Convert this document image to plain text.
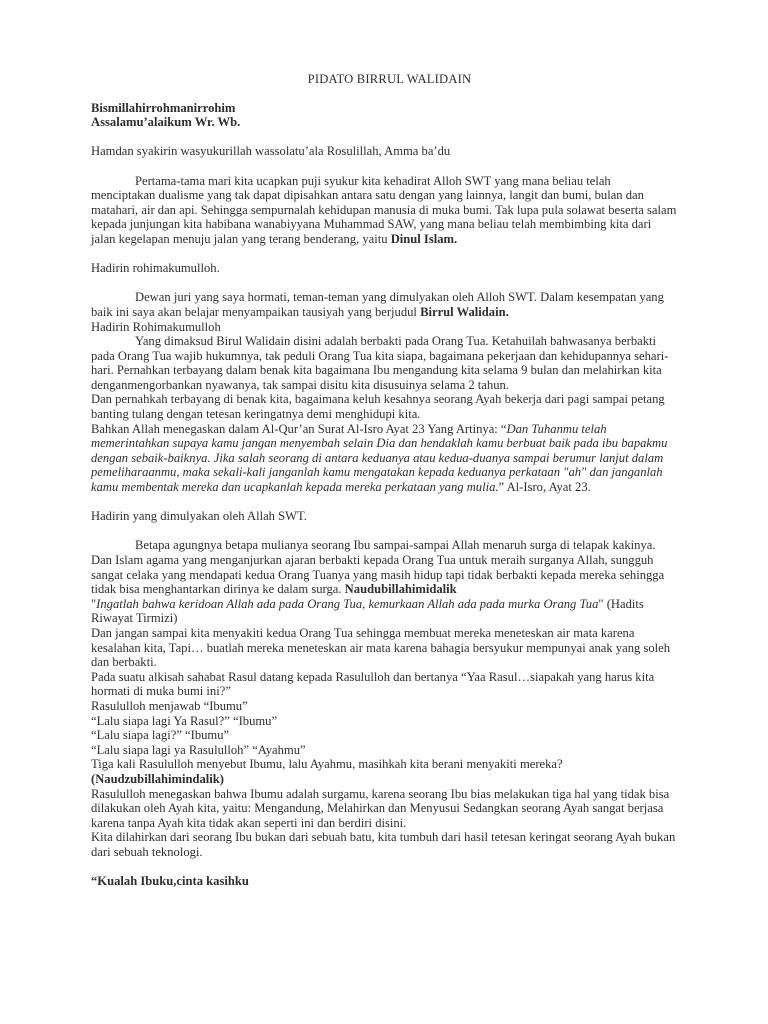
PIDATO BIRRUL WALIDAIN

Bismillahirrohmanirrohim

Assalamu’alaikum Wr. Wb.

Hamdan syakirin wasyukurillah wassolatu’ala Rosulillah, Amma ba’du

Pertama-tama mari kita ucapkan puji syukur kita kehadirat Alloh SWT yang mana beliau telah menciptakan dualisme yang tak dapat dipisahkan antara satu dengan yang lainnya, langit dan bumi, bulan dan matahari, air dan api. Sehingga sempurnalah kehidupan manusia di muka bumi. Tak lupa pula solawat beserta salam kepada junjungan kita habibana wanabiyyana Muhammad SAW, yang mana beliau telah membimbing kita dari jalan kegelapan menuju jalan yang terang benderang, yaitu Dinul Islam.

Hadirin rohimakumulloh.

Dewan juri yang saya hormati, teman-teman yang dimulyakan oleh Alloh SWT. Dalam kesempatan yang baik ini saya akan belajar menyampaikan tausiyah yang berjudul Birrul Walidain.

Hadirin Rohimakumulloh

Yang dimaksud Birul Walidain disini adalah berbakti pada Orang Tua. Ketahuilah bahwasanya berbakti pada Orang Tua wajib hukumnya, tak peduli Orang Tua kita siapa, bagaimana pekerjaan dan kehidupannya sehari-hari. Pernahkan terbayang dalam benak kita bagaimana Ibu mengandung kita selama 9 bulan dan melahirkan kita denganmengorbankan nyawanya, tak sampai disitu kita disusuinya selama 2 tahun.

Dan pernahkah terbayang di benak kita, bagaimana keluh kesahnya seorang Ayah bekerja dari pagi sampai petang banting tulang dengan tetesan keringatnya demi menghidupi kita.

Bahkan Allah menegaskan dalam Al-Qur’an Surat Al-Isro Ayat 23 Yang Artinya: “Dan Tuhanmu telah memerintahkan supaya kamu jangan menyembah selain Dia dan hendaklah kamu berbuat baik pada ibu bapakmu dengan sebaik-baiknya. Jika salah seorang di antara keduanya atau kedua-duanya sampai berumur lanjut dalam pemeliharaanmu, maka sekali-kali janganlah kamu mengatakan kepada keduanya perkataan "ah" dan janganlah kamu membentak mereka dan ucapkanlah kepada mereka perkataan yang mulia.” Al-Isro, Ayat 23.

Hadirin yang dimulyakan oleh Allah SWT.

Betapa agungnya betapa mulianya seorang Ibu sampai-sampai Allah menaruh surga di telapak kakinya. Dan Islam agama yang menganjurkan ajaran berbakti kepada Orang Tua untuk meraih surganya Allah, sungguh sangat celaka yang mendapati kedua Orang Tuanya yang masih hidup tapi tidak berbakti kepada mereka sehingga tidak bisa menghantarkan dirinya ke dalam surga. Naudubillahimidalik

"Ingatlah bahwa keridoan Allah ada pada Orang Tua, kemurkaan Allah ada pada murka Orang Tua" (Hadits Riwayat Tirmizi)

Dan jangan sampai kita menyakiti kedua Orang Tua sehingga membuat mereka meneteskan air mata karena kesalahan kita, Tapi… buatlah mereka meneteskan air mata karena bahagia bersyukur mempunyai anak yang soleh dan berbakti.

Pada suatu alkisah sahabat Rasul datang kepada Rasululloh dan bertanya “Yaa Rasul…siapakah yang harus kita hormati di muka bumi ini?”

Rasululloh menjawab “Ibumu”

“Lalu siapa lagi Ya Rasul?” “Ibumu”

“Lalu siapa lagi?” “Ibumu”

“Lalu siapa lagi ya Rasululloh” “Ayahmu”

Tiga kali Rasululloh menyebut Ibumu, lalu Ayahmu, masihkah kita berani menyakiti mereka?

(Naudzubillahimindalik)

Rasululloh menegaskan bahwa Ibumu adalah surgamu, karena seorang Ibu bias melakukan tiga hal yang tidak bisa dilakukan oleh Ayah kita, yaitu: Mengandung, Melahirkan dan Menyusui Sedangkan seorang Ayah sangat berjasa karena tanpa Ayah kita tidak akan seperti ini dan berdiri disini.

Kita dilahirkan dari seorang Ibu bukan dari sebuah batu, kita tumbuh dari hasil tetesan keringat seorang Ayah bukan dari sebuah teknologi.

“Kualah Ibuku,cinta kasihku
